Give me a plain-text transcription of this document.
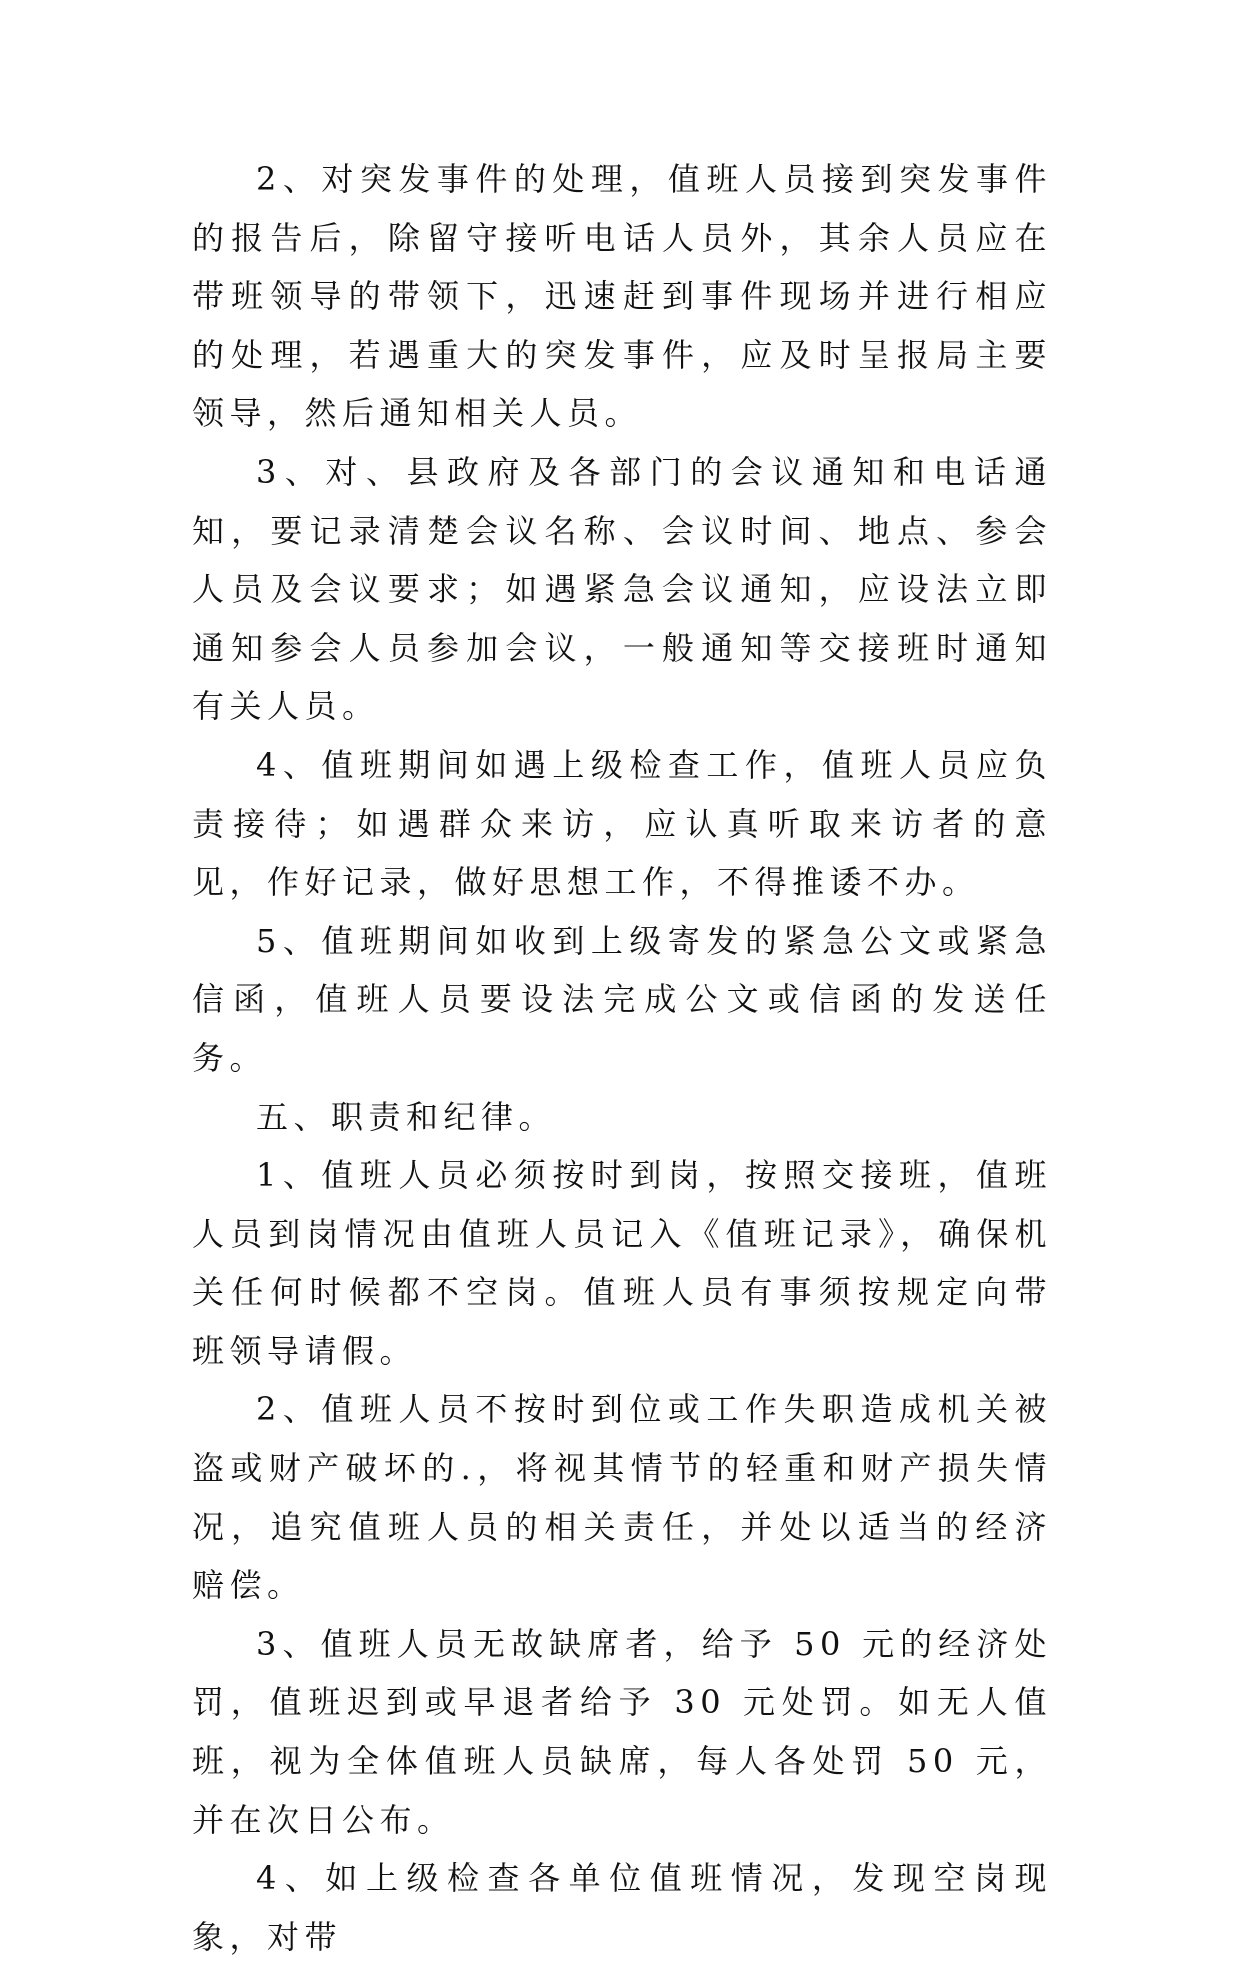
2、对突发事件的处理，值班人员接到突发事件的报告后，除留守接听电话人员外，其余人员应在带班领导的带领下，迅速赶到事件现场并进行相应的处理，若遇重大的突发事件，应及时呈报局主要领导，然后通知相关人员。

3、对、县政府及各部门的会议通知和电话通知，要记录清楚会议名称、会议时间、地点、参会人员及会议要求；如遇紧急会议通知，应设法立即通知参会人员参加会议，一般通知等交接班时通知有关人员。

4、值班期间如遇上级检查工作，值班人员应负责接待；如遇群众来访，应认真听取来访者的意见，作好记录，做好思想工作，不得推诿不办。

5、值班期间如收到上级寄发的紧急公文或紧急信函，值班人员要设法完成公文或信函的发送任务。

五、职责和纪律。

1、值班人员必须按时到岗，按照交接班，值班人员到岗情况由值班人员记入《值班记录》，确保机关任何时候都不空岗。值班人员有事须按规定向带班领导请假。

2、值班人员不按时到位或工作失职造成机关被盗或财产破坏的.，将视其情节的轻重和财产损失情况，追究值班人员的相关责任，并处以适当的经济赔偿。

3、值班人员无故缺席者，给予 50 元的经济处罚，值班迟到或早退者给予 30 元处罚。如无人值班，视为全体值班人员缺席，每人各处罚 50 元，并在次日公布。

4、如上级检查各单位值班情况，发现空岗现象，对带
